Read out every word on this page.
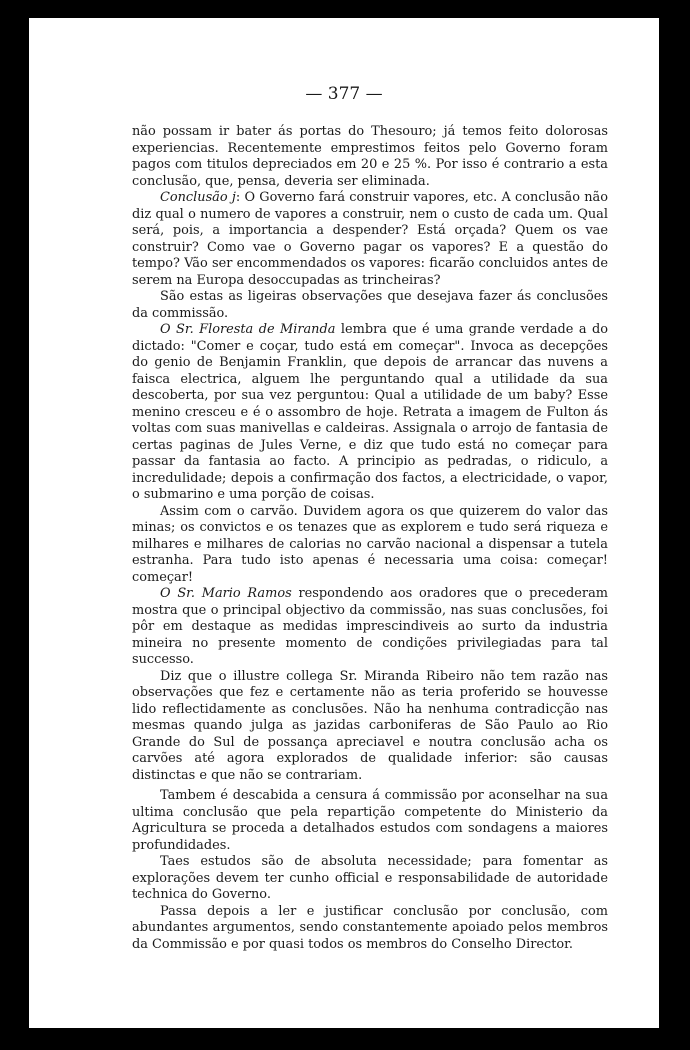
— 377 —

não possam ir bater ás portas do Thesouro; já temos feito dolorosas experiencias. Recentemente emprestimos feitos pelo Governo foram pagos com titulos depreciados em 20 e 25 %. Por isso é contrario a esta conclusão, que, pensa, deveria ser eliminada.

Conclusão j: O Governo fará construir vapores, etc. A conclusão não diz qual o numero de vapores a construir, nem o custo de cada um. Qual será, pois, a importancia a despender? Está orçada? Quem os vae construir? Como vae o Governo pagar os vapores? E a questão do tempo? Vão ser encommendados os vapores: ficarão concluidos antes de serem na Europa desoccupadas as trincheiras?

São estas as ligeiras observações que desejava fazer ás conclusões da commissão.

O Sr. Floresta de Miranda lembra que é uma grande verdade a do dictado: "Comer e coçar, tudo está em começar". Invoca as decepções do genio de Benjamin Franklin, que depois de arrancar das nuvens a faisca electrica, alguem lhe perguntando qual a utilidade da sua descoberta, por sua vez perguntou: Qual a utilidade de um baby? Esse menino cresceu e é o assombro de hoje. Retrata a imagem de Fulton ás voltas com suas manivellas e caldeiras. Assignala o arrojo de fantasia de certas paginas de Jules Verne, e diz que tudo está no começar para passar da fantasia ao facto. A principio as pedradas, o ridiculo, a incredulidade; depois a confirmação dos factos, a electricidade, o vapor, o submarino e uma porção de coisas.

Assim com o carvão. Duvidem agora os que quizerem do valor das minas; os convictos e os tenazes que as explorem e tudo será riqueza e milhares e milhares de calorias no carvão nacional a dispensar a tutela estranha. Para tudo isto apenas é necessaria uma coisa: começar! começar!

O Sr. Mario Ramos respondendo aos oradores que o precederam mostra que o principal objectivo da commissão, nas suas conclusões, foi pôr em destaque as medidas imprescindiveis ao surto da industria mineira no presente momento de condições privilegiadas para tal successo.

Diz que o illustre collega Sr. Miranda Ribeiro não tem razão nas observações que fez e certamente não as teria proferido se houvesse lido reflectidamente as conclusões. Não ha nenhuma contradicção nas mesmas quando julga as jazidas carboniferas de São Paulo ao Rio Grande do Sul de possança apreciavel e noutra conclusão acha os carvões até agora explorados de qualidade inferior: são causas distinctas e que não se contrariam.

Tambem é descabida a censura á commissão por aconselhar na sua ultima conclusão que pela repartição competente do Ministerio da Agricultura se proceda a detalhados estudos com sondagens a maiores profundidades.

Taes estudos são de absoluta necessidade; para fomentar as explorações devem ter cunho official e responsabilidade de autoridade technica do Governo.

Passa depois a ler e justificar conclusão por conclusão, com abundantes argumentos, sendo constantemente apoiado pelos membros da Commissão e por quasi todos os membros do Conselho Director.
